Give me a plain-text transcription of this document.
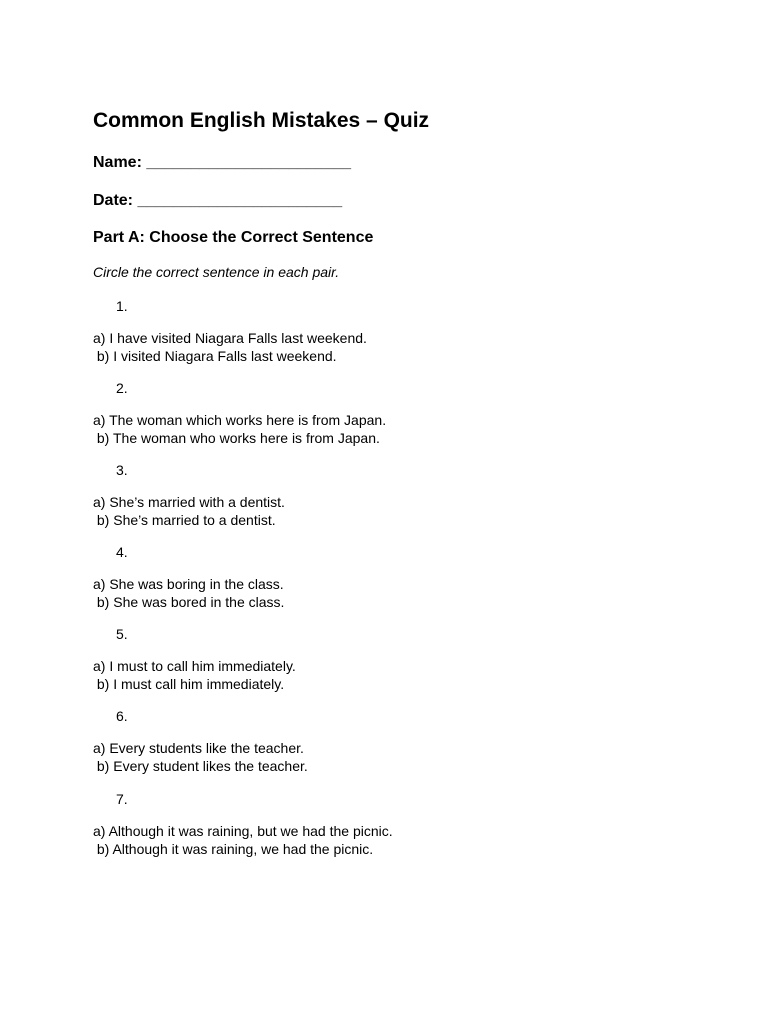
Common English Mistakes – Quiz

Name: _______________________

Date: _______________________

Part A: Choose the Correct Sentence

Circle the correct sentence in each pair.

1.
a) I have visited Niagara Falls last weekend.
b) I visited Niagara Falls last weekend.
2.
a) The woman which works here is from Japan.
b) The woman who works here is from Japan.
3.
a) She’s married with a dentist.
b) She’s married to a dentist.
4.
a) She was boring in the class.
b) She was bored in the class.
5.
a) I must to call him immediately.
b) I must call him immediately.
6.
a) Every students like the teacher.
b) Every student likes the teacher.
7.
a) Although it was raining, but we had the picnic.
b) Although it was raining, we had the picnic.
